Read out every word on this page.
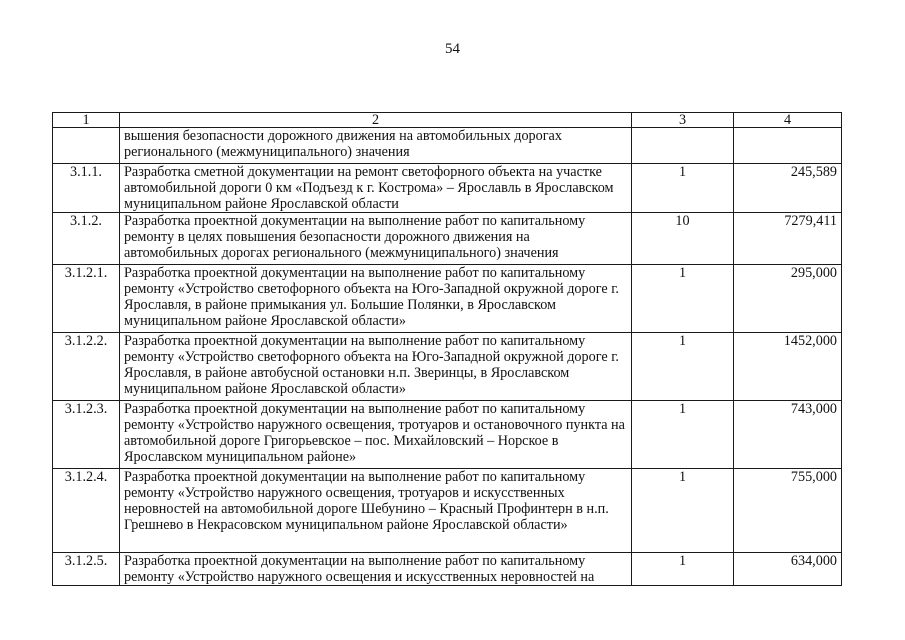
54
1	2	3	4
	вышения безопасности дорожного движения на автомобильных дорогах регионального (межмуниципального) значения		
3.1.1.	Разработка сметной документации на ремонт светофорного объекта на участке автомобильной дороги 0 км «Подъезд к г. Кострома» – Ярославль в Ярославском муниципальном районе Ярославской области	1	245,589
3.1.2.	Разработка проектной документации на выполнение работ по капитальному ремонту в целях повышения безопасности дорожного движения на автомобильных дорогах регионального (межмуниципального) значения	10	7279,411
3.1.2.1.	Разработка проектной документации на выполнение работ по капитальному ремонту «Устройство светофорного объекта на Юго-Западной окружной дороге г. Ярославля, в районе примыкания ул. Большие Полянки, в Ярославском муниципальном районе Ярославской области»	1	295,000
3.1.2.2.	Разработка проектной документации на выполнение работ по капитальному ремонту «Устройство светофорного объекта на Юго-Западной окружной дороге г. Ярославля, в районе автобусной остановки н.п. Зверинцы, в Ярославском муниципальном районе Ярославской области»	1	1452,000
3.1.2.3.	Разработка проектной документации на выполнение работ по капитальному ремонту «Устройство наружного освещения, тротуаров и остановочного пункта на автомобильной дороге Григорьевское – пос. Михайловский – Норское в Ярославском муниципальном районе»	1	743,000
3.1.2.4.	Разработка проектной документации на выполнение работ по капитальному ремонту «Устройство наружного освещения, тротуаров и искусственных неровностей на автомобильной дороге Шебунино – Красный Профинтерн в н.п. Грешнево в Некрасовском муниципальном районе Ярославской области»	1	755,000
3.1.2.5.	Разработка проектной документации на выполнение работ по капитальному ремонту «Устройство наружного освещения и искусственных неровностей на	1	634,000
